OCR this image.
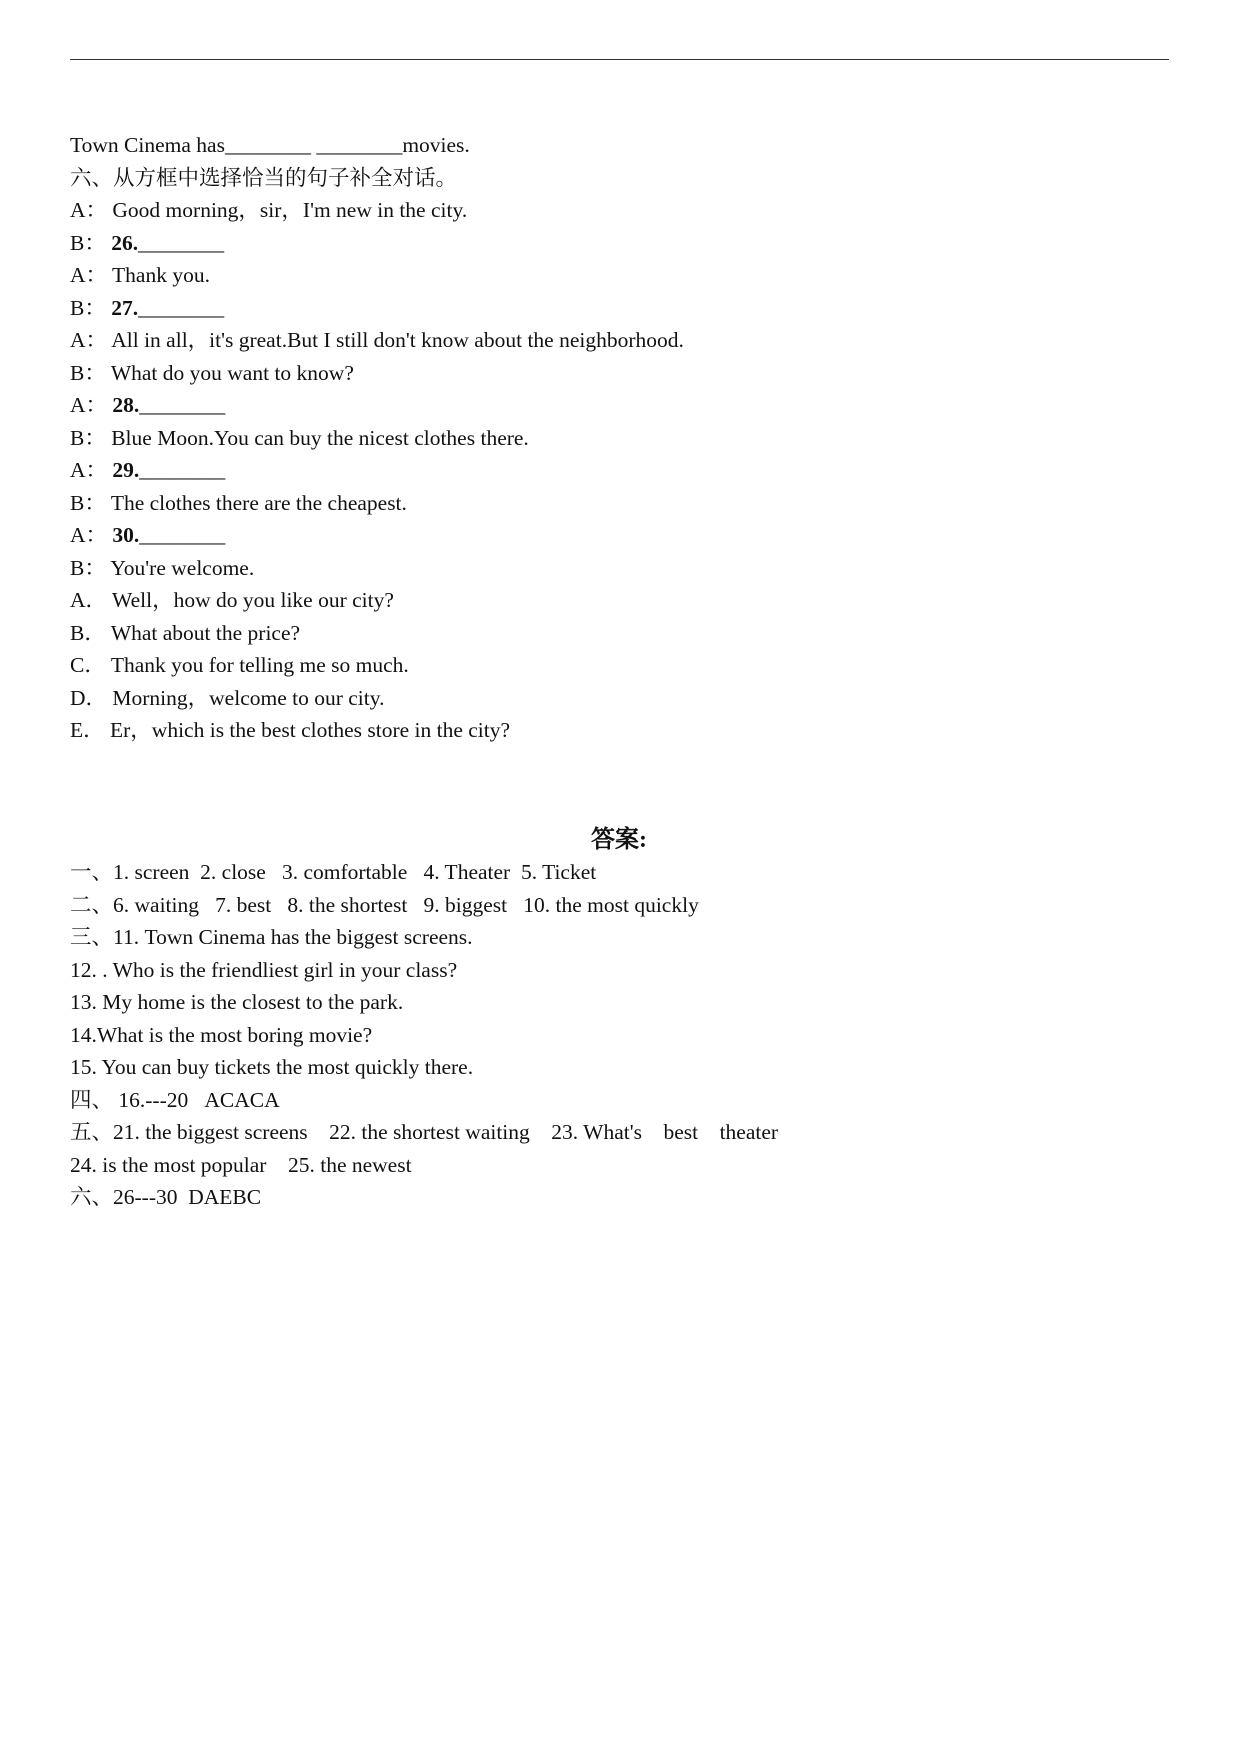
Town Cinema has________ ________movies.
六、从方框中选择恰当的句子补全对话。
A： Good morning，sir，I'm new in the city.
B： 26.________
A： Thank you.
B： 27.________
A： All in all，it's great.But I still don't know about the neighborhood.
B： What do you want to know?
A： 28.________
B： Blue Moon.You can buy the nicest clothes there.
A： 29.________
B： The clothes there are the cheapest.
A： 30.________
B： You're welcome.
A． Well，how do you like our city?
B． What about the price?
C． Thank you for telling me so much.
D． Morning，welcome to our city.
E． Er，which is the best clothes store in the city?
答案:
一、1. screen  2. close   3. comfortable   4. Theater  5. Ticket
二、6. waiting   7. best   8. the shortest   9. biggest   10. the most quickly
三、11. Town Cinema has the biggest screens.
12. . Who is the friendliest girl in your class?
13. My home is the closest to the park.
14.What is the most boring movie?
15. You can buy tickets the most quickly there.
四、 16.---20   ACACA
五、21. the biggest screens    22. the shortest waiting    23. What's    best    theater
24. is the most popular    25. the newest
六、26---30  DAEBC
